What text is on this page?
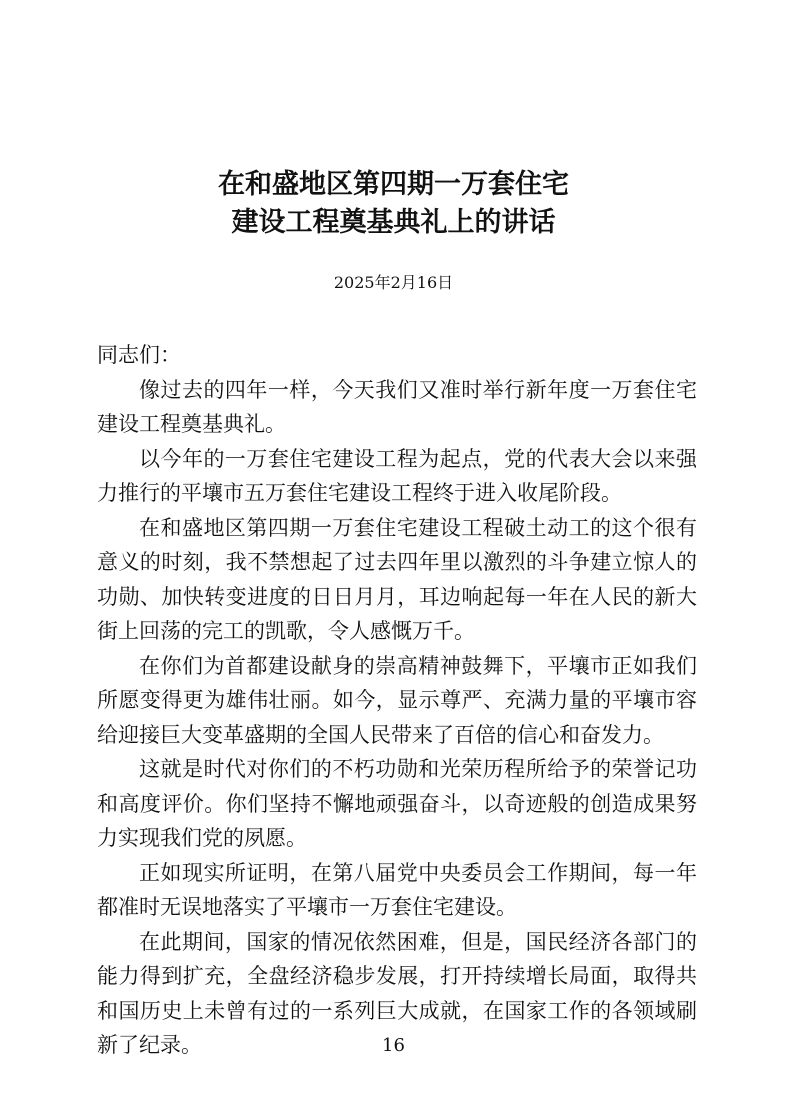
在和盛地区第四期一万套住宅
建设工程奠基典礼上的讲话
2025年2月16日

同志们：

像过去的四年一样，今天我们又准时举行新年度一万套住宅建设工程奠基典礼。

以今年的一万套住宅建设工程为起点，党的代表大会以来强力推行的平壤市五万套住宅建设工程终于进入收尾阶段。

在和盛地区第四期一万套住宅建设工程破土动工的这个很有意义的时刻，我不禁想起了过去四年里以激烈的斗争建立惊人的功勋、加快转变进度的日日月月，耳边响起每一年在人民的新大街上回荡的完工的凯歌，令人感慨万千。

在你们为首都建设献身的崇高精神鼓舞下，平壤市正如我们所愿变得更为雄伟壮丽。如今，显示尊严、充满力量的平壤市容给迎接巨大变革盛期的全国人民带来了百倍的信心和奋发力。

这就是时代对你们的不朽功勋和光荣历程所给予的荣誉记功和高度评价。你们坚持不懈地顽强奋斗，以奇迹般的创造成果努力实现我们党的夙愿。

正如现实所证明，在第八届党中央委员会工作期间，每一年都准时无误地落实了平壤市一万套住宅建设。

在此期间，国家的情况依然困难，但是，国民经济各部门的能力得到扩充，全盘经济稳步发展，打开持续增长局面，取得共和国历史上未曾有过的一系列巨大成就，在国家工作的各领域刷新了纪录。	16
